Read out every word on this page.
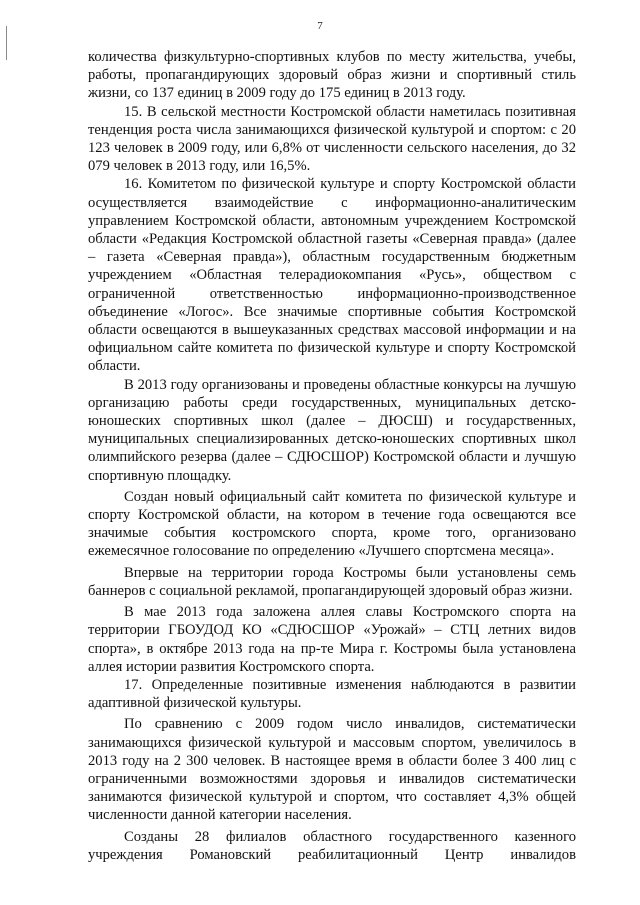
7

количества физкультурно-спортивных клубов по месту жительства, учебы, работы, пропагандирующих здоровый образ жизни и спортивный стиль жизни, со 137 единиц в 2009 году до 175 единиц в 2013 году.

15. В сельской местности Костромской области наметилась позитивная тенденция роста числа занимающихся физической культурой и спортом: с 20 123 человек в 2009 году, или 6,8% от численности сельского населения, до 32 079 человек в 2013 году, или 16,5%.

16. Комитетом по физической культуре и спорту Костромской области осуществляется взаимодействие с информационно-аналитическим управлением Костромской области, автономным учреждением Костромской области «Редакция Костромской областной газеты «Северная правда» (далее – газета «Северная правда»), областным государственным бюджетным учреждением «Областная телерадиокомпания «Русь», обществом с ограниченной ответственностью информационно-производственное объединение «Логос». Все значимые спортивные события Костромской области освещаются в вышеуказанных средствах массовой информации и на официальном сайте комитета по физической культуре и спорту Костромской области.

В 2013 году организованы и проведены областные конкурсы на лучшую организацию работы среди государственных, муниципальных детско-юношеских спортивных школ (далее – ДЮСШ) и государственных, муниципальных специализированных детско-юношеских спортивных школ олимпийского резерва (далее – СДЮСШОР) Костромской области и лучшую спортивную площадку.

Создан новый официальный сайт комитета по физической культуре и спорту Костромской области, на котором в течение года освещаются все значимые события костромского спорта, кроме того, организовано ежемесячное голосование по определению «Лучшего спортсмена месяца».

Впервые на территории города Костромы были установлены семь баннеров с социальной рекламой, пропагандирующей здоровый образ жизни.

В мае 2013 года заложена аллея славы Костромского спорта на территории ГБОУДОД КО «СДЮСШОР «Урожай» – СТЦ летних видов спорта», в октябре 2013 года на пр-те Мира г. Костромы была установлена аллея истории развития Костромского спорта.

17. Определенные позитивные изменения наблюдаются в развитии адаптивной физической культуры.

По сравнению с 2009 годом число инвалидов, систематически занимающихся физической культурой и массовым спортом, увеличилось в 2013 году на 2 300 человек. В настоящее время в области более 3 400 лиц с ограниченными возможностями здоровья и инвалидов систематически занимаются физической культурой и спортом, что составляет 4,3% общей численности данной категории населения.

Созданы 28 филиалов областного государственного казенного учреждения Романовский реабилитационный Центр инвалидов
